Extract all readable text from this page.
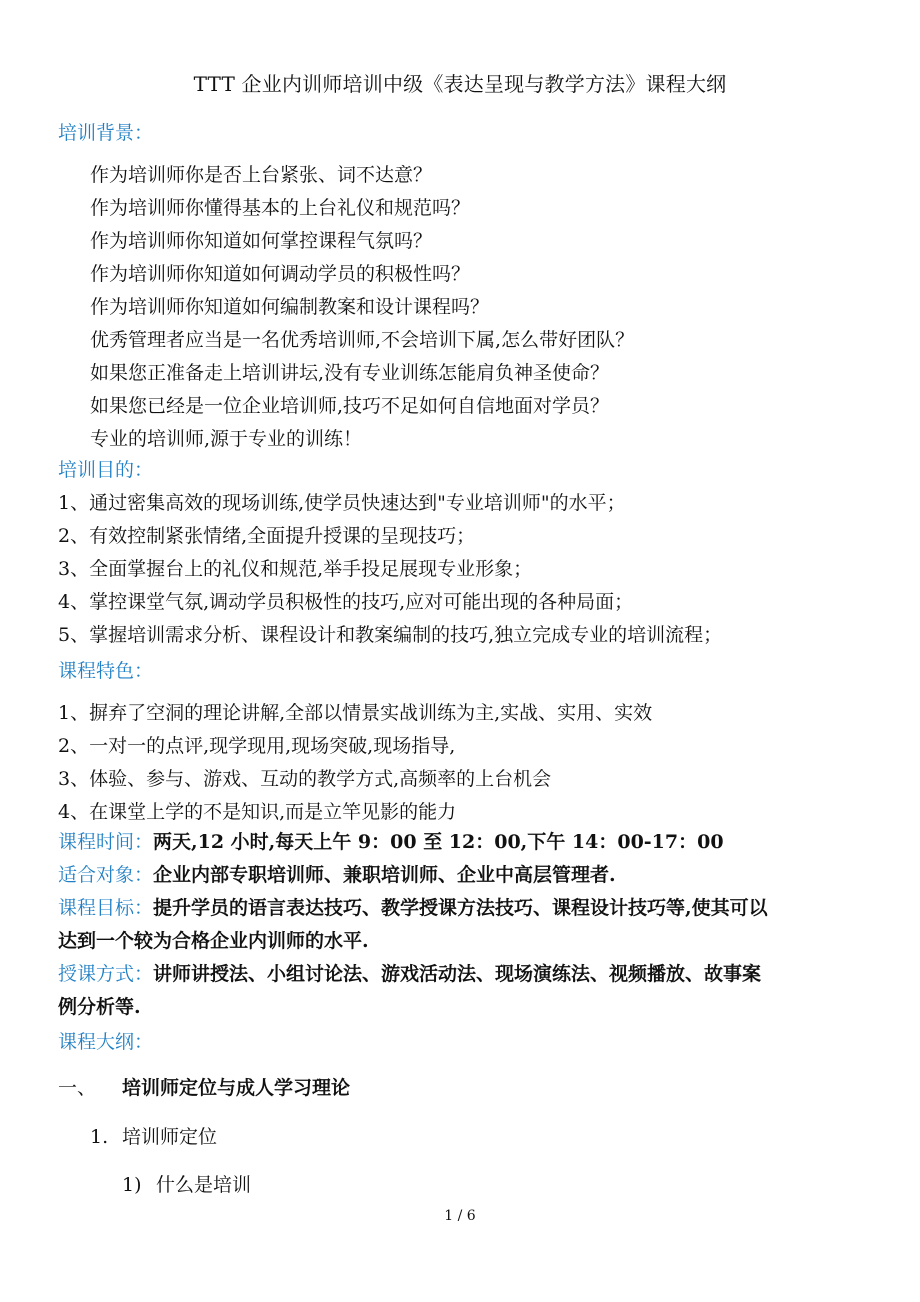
TTT 企业内训师培训中级《表达呈现与教学方法》课程大纲
培训背景：
作为培训师你是否上台紧张、词不达意？
作为培训师你懂得基本的上台礼仪和规范吗？
作为培训师你知道如何掌控课程气氛吗？
作为培训师你知道如何调动学员的积极性吗？
作为培训师你知道如何编制教案和设计课程吗？
优秀管理者应当是一名优秀培训师,不会培训下属,怎么带好团队？
如果您正准备走上培训讲坛,没有专业训练怎能肩负神圣使命？
如果您已经是一位企业培训师,技巧不足如何自信地面对学员？
专业的培训师,源于专业的训练！
培训目的：
1、通过密集高效的现场训练,使学员快速达到"专业培训师"的水平；
2、有效控制紧张情绪,全面提升授课的呈现技巧；
3、全面掌握台上的礼仪和规范,举手投足展现专业形象；
4、掌控课堂气氛,调动学员积极性的技巧,应对可能出现的各种局面；
5、掌握培训需求分析、课程设计和教案编制的技巧,独立完成专业的培训流程；
课程特色：
1、摒弃了空洞的理论讲解,全部以情景实战训练为主,实战、实用、实效
2、一对一的点评,现学现用,现场突破,现场指导,
3、体验、参与、游戏、互动的教学方式,高频率的上台机会
4、在课堂上学的不是知识,而是立竿见影的能力
课程时间：两天,12 小时,每天上午 9：00 至 12：00,下午 14：00-17：00
适合对象：企业内部专职培训师、兼职培训师、企业中高层管理者.
课程目标：提升学员的语言表达技巧、教学授课方法技巧、课程设计技巧等,使其可以
达到一个较为合格企业内训师的水平.
授课方式：讲师讲授法、小组讨论法、游戏活动法、现场演练法、视频播放、故事案
例分析等.
课程大纲：
一、 培训师定位与成人学习理论
1. 培训师定位
1) 什么是培训
1 / 6
